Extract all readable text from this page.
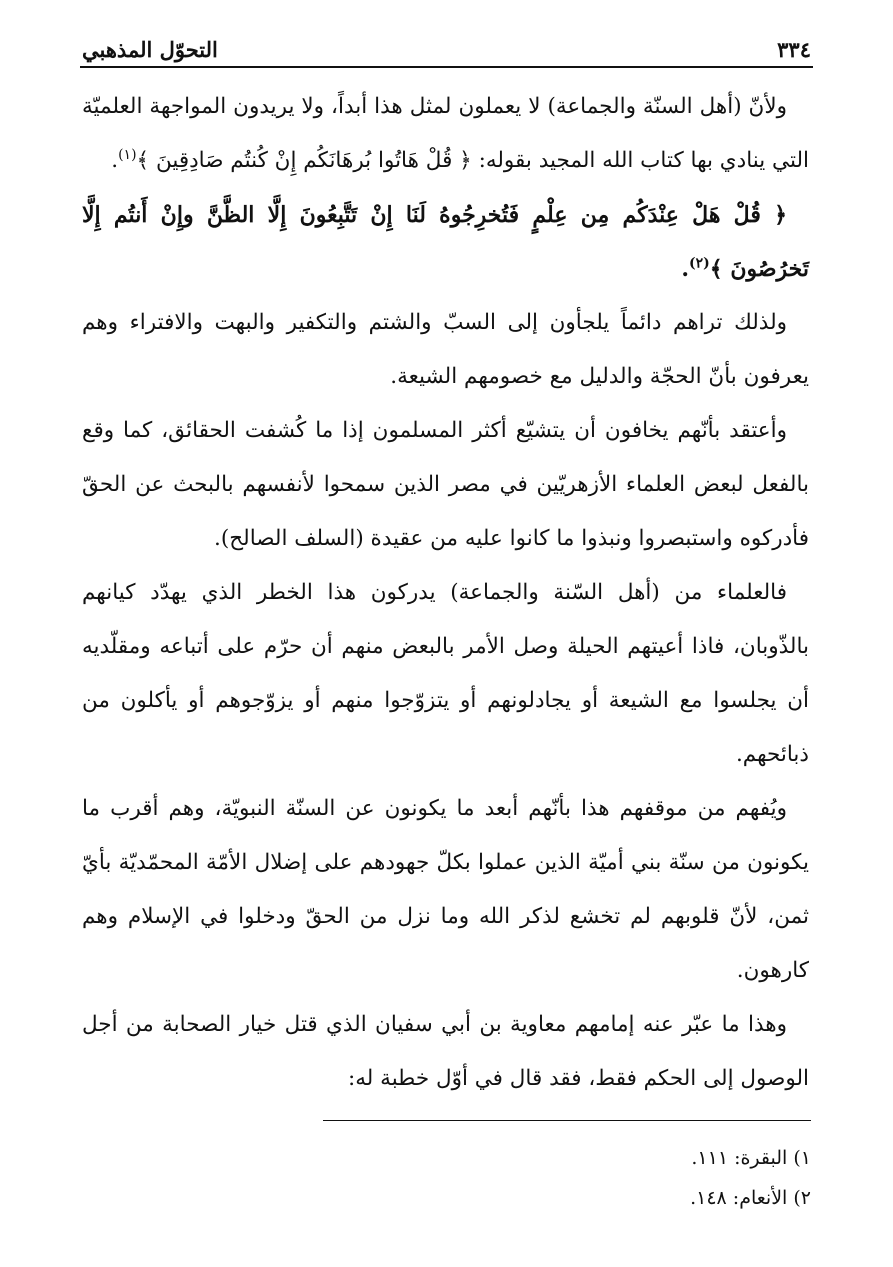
٣٣٤
التحوّل المذهبي

ولأنّ (أهل السنّة والجماعة) لا يعملون لمثل هذا أبداً، ولا يريدون المواجهة العلميّة التي ينادي بها كتاب الله المجيد بقوله: ﴿ قُلْ هَاتُوا بُرهَانَكُم إِنْ كُنتُم صَادِقِينَ ﴾$^{(١)}$.

﴿ قُلْ هَلْ عِنْدَكُم مِن عِلْمٍ فَتُخرِجُوهُ لَنَا إِنْ تَتَّبِعُونَ إِلَّا الظَّنَّ وإِنْ أَنتُم إِلَّا تَخرُصُونَ ﴾$^{(٢)}$.

ولذلك تراهم دائماً يلجأون إلى السبّ والشتم والتكفير والبهت والافتراء وهم يعرفون بأنّ الحجّة والدليل مع خصومهم الشيعة.

وأعتقد بأنّهم يخافون أن يتشيّع أكثر المسلمون إذا ما كُشفت الحقائق، كما وقع بالفعل لبعض العلماء الأزهريّين في مصر الذين سمحوا لأنفسهم بالبحث عن الحقّ فأدركوه واستبصروا ونبذوا ما كانوا عليه من عقيدة (السلف الصالح).

فالعلماء من (أهل السّنة والجماعة) يدركون هذا الخطر الذي يهدّد كيانهم بالذّوبان، فاذا أعيتهم الحيلة وصل الأمر بالبعض منهم أن حرّم على أتباعه ومقلّديه أن يجلسوا مع الشيعة أو يجادلونهم أو يتزوّجوا منهم أو يزوّجوهم أو يأكلون من ذبائحهم.

ويُفهم من موقفهم هذا بأنّهم أبعد ما يكونون عن السنّة النبويّة، وهم أقرب ما يكونون من سنّة بني أميّة الذين عملوا بكلّ جهودهم على إضلال الأمّة المحمّديّة بأيّ ثمن، لأنّ قلوبهم لم تخشع لذكر الله وما نزل من الحقّ ودخلوا في الإسلام وهم كارهون.

وهذا ما عبّر عنه إمامهم معاوية بن أبي سفيان الذي قتل خيار الصحابة من أجل الوصول إلى الحكم فقط، فقد قال في أوّل خطبة له:

١) البقرة: ١١١.
٢) الأنعام: ١٤٨.
